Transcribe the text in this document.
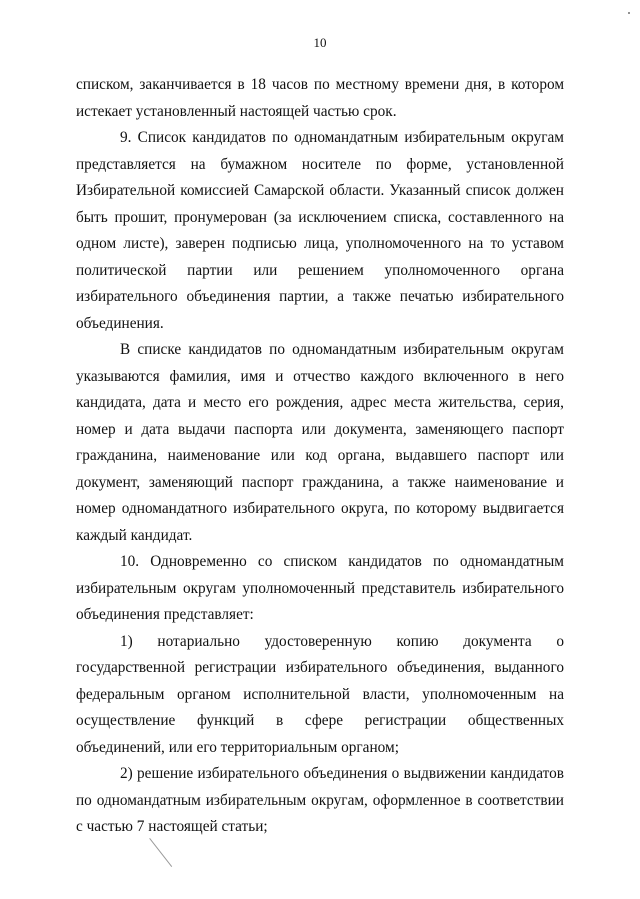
10

списком, заканчивается в 18 часов по местному времени дня, в котором истекает установленный настоящей частью срок.

9. Список кандидатов по одномандатным избирательным округам представляется на бумажном носителе по форме, установленной Избирательной комиссией Самарской области. Указанный список должен быть прошит, пронумерован (за исключением списка, составленного на одном листе), заверен подписью лица, уполномоченного на то уставом политической партии или решением уполномоченного органа избирательного объединения партии, а также печатью избирательного объединения.

В списке кандидатов по одномандатным избирательным округам указываются фамилия, имя и отчество каждого включенного в него кандидата, дата и место его рождения, адрес места жительства, серия, номер и дата выдачи паспорта или документа, заменяющего паспорт гражданина, наименование или код органа, выдавшего паспорт или документ, заменяющий паспорт гражданина, а также наименование и номер одномандатного избирательного округа, по которому выдвигается каждый кандидат.

10. Одновременно со списком кандидатов по одномандатным избирательным округам уполномоченный представитель избирательного объединения представляет:

1) нотариально удостоверенную копию документа о государственной регистрации избирательного объединения, выданного федеральным органом исполнительной власти, уполномоченным на осуществление функций в сфере регистрации общественных объединений, или его территориальным органом;

2) решение избирательного объединения о выдвижении кандидатов по одномандатным избирательным округам, оформленное в соответствии с частью 7 настоящей статьи;
